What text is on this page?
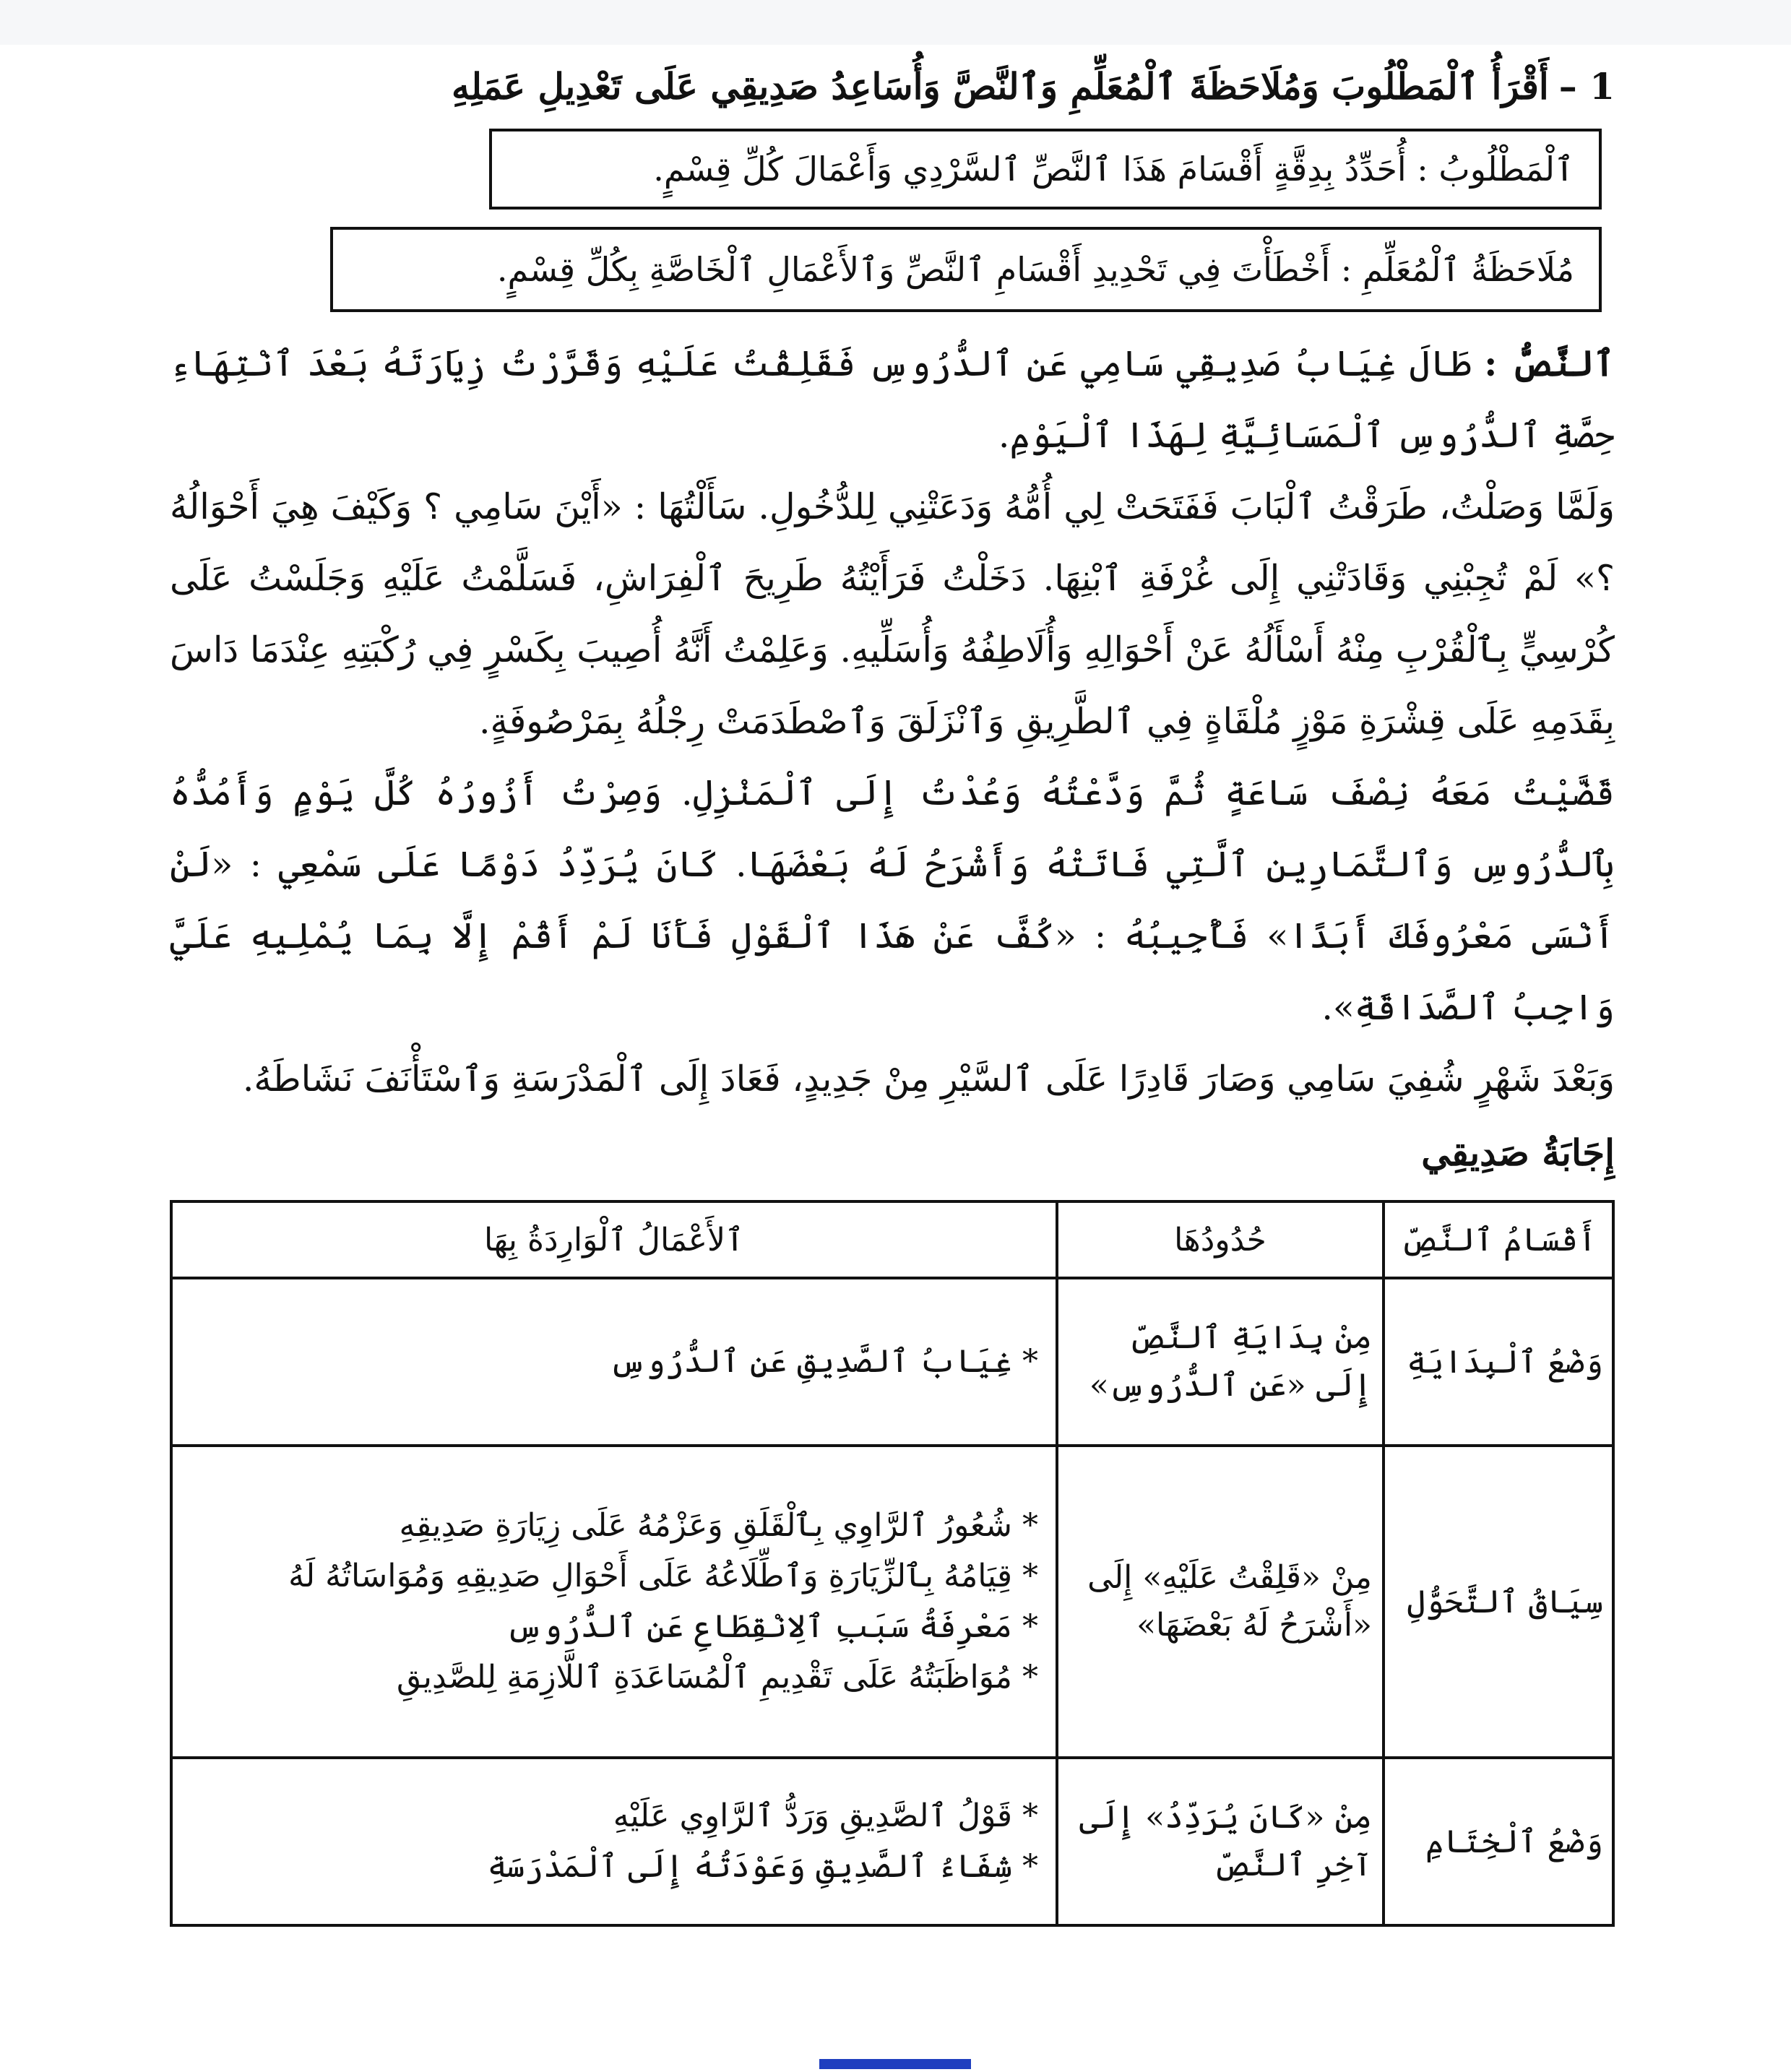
1 –أَقْرَأُ ٱلْمَطْلُوبَ وَمُلَاحَظَةَ ٱلْمُعَلِّمِ وَٱلنَّصَّ وَأُسَاعِدُ صَدِيقِي عَلَى تَعْدِيلِ عَمَلِهِ
ٱلْمَطْلُوبُ : أُحَدِّدُ بِدِقَّةٍ أَقْسَامَ هَذَا ٱلنَّصِّ ٱلسَّرْدِي وَأَعْمَالَ كُلِّ قِسْمٍ.
مُلَاحَظَةُ ٱلْمُعَلِّمِ : أَخْطَأْتَ فِي تَحْدِيدِ أَقْسَامِ ٱلنَّصِّ وَٱلأَعْمَالِ ٱلْخَاصَّةِ بِكُلِّ قِسْمٍ.
ٱلنَّصُّ : طَالَ غِيَابُ صَدِيقِي سَامِي عَنِ ٱلدُّرُوسِ فَقَلِقْتُ عَلَيْهِ وَقَرَّرْتُ زِيَارَتَهُ بَعْدَ ٱنْتِهَاءِ حِصَّةِ ٱلدُّرُوسِ ٱلْمَسَائِيَّةِ لِهَذَا ٱلْيَوْمِ.
وَلَمَّا وَصَلْتُ، طَرَقْتُ ٱلْبَابَ فَفَتَحَتْ لِي أُمُّهُ وَدَعَتْنِي لِلدُّخُولِ. سَأَلْتُهَا : «أَيْنَ سَامِي ؟ وَكَيْفَ هِيَ أَحْوَالُهُ ؟» لَمْ تُجِبْنِي وَقَادَتْنِي إِلَى غُرْفَةِ ٱبْنِهَا. دَخَلْتُ فَرَأَيْتُهُ طَرِيحَ ٱلْفِرَاشِ، فَسَلَّمْتُ عَلَيْهِ وَجَلَسْتُ عَلَى كُرْسِيٍّ بِٱلْقُرْبِ مِنْهُ أَسْأَلُهُ عَنْ أَحْوَالِهِ وَأُلَاطِفُهُ وَأُسَلِّيهِ. وَعَلِمْتُ أَنَّهُ أُصِيبَ بِكَسْرٍ فِي رُكْبَتِهِ عِنْدَمَا دَاسَ بِقَدَمِهِ عَلَى قِشْرَةِ مَوْزٍ مُلْقَاةٍ فِي ٱلطَّرِيقِ وَٱنْزَلَقَ وَٱصْطَدَمَتْ رِجْلُهُ بِمَرْصُوفَةٍ.
قَضَّيْتُ مَعَهُ نِصْفَ سَاعَةٍ ثُمَّ وَدَّعْتُهُ وَعُدْتُ إِلَى ٱلْمَنْزِلِ. وَصِرْتُ أَزُورُهُ كُلَّ يَوْمٍ وَأَمُدُّهُ بِٱلدُّرُوسِ وَٱلتَّمَارِينِ ٱلَّتِي فَاتَتْهُ وَأَشْرَحُ لَهُ بَعْضَهَا. كَانَ يُرَدِّدُ دَوْمًا عَلَى سَمْعِي : «لَنْ أَنْسَى مَعْرُوفَكَ أَبَدًا» فَأُجِيبُهُ : «كُفَّ عَنْ هَذَا ٱلْقَوْلِ فَأَنَا لَمْ أَقُمْ إِلَّا بِمَا يُمْلِيهِ عَلَيَّ وَاجِبُ ٱلصَّدَاقَةِ».
وَبَعْدَ شَهْرٍ شُفِيَ سَامِي وَصَارَ قَادِرًا عَلَى ٱلسَّيْرِ مِنْ جَدِيدٍ، فَعَادَ إِلَى ٱلْمَدْرَسَةِ وَٱسْتَأْنَفَ نَشَاطَهُ.
إِجَابَةُ صَدِيقِي
أَقْسَامُ ٱلنَّصِّ	حُدُودُهَا	ٱلأَعْمَالُ ٱلْوَارِدَةُ بِهَا
وَضْعُ ٱلْبِدَايَةِ	مِنْ بِدَايَةِ ٱلنَّصِّ إِلَى «عَنِ ٱلدُّرُوسِ»	* غِيَابُ ٱلصَّدِيقِ عَنِ ٱلدُّرُوسِ

سِيَاقُ ٱلتَّحَوُّلِ	مِنْ «قَلِقْتُ عَلَيْهِ» إِلَى «أَشْرَحُ لَهُ بَعْضَهَا»	* شُعُورُ ٱلرَّاوِي بِٱلْقَلَقِ وَعَزْمُهُ عَلَى زِيَارَةِ صَدِيقِهِ
* قِيَامُهُ بِٱلزِّيَارَةِ وَٱطِّلَاعُهُ عَلَى أَحْوَالِ صَدِيقِهِ وَمُوَاسَاتُهُ لَهُ
* مَعْرِفَةُ سَبَبِ ٱلِانْقِطَاعِ عَنِ ٱلدُّرُوسِ
* مُوَاظَبَتُهُ عَلَى تَقْدِيمِ ٱلْمُسَاعَدَةِ ٱللَّازِمَةِ لِلصَّدِيقِ

وَضْعُ ٱلْخِتَامِ	مِنْ «كَانَ يُرَدِّدُ» إِلَى آخِرِ ٱلنَّصِّ	* قَوْلُ ٱلصَّدِيقِ وَرَدُّ ٱلرَّاوِي عَلَيْهِ
* شِفَاءُ ٱلصَّدِيقِ وَعَوْدَتُهُ إِلَى ٱلْمَدْرَسَةِ
